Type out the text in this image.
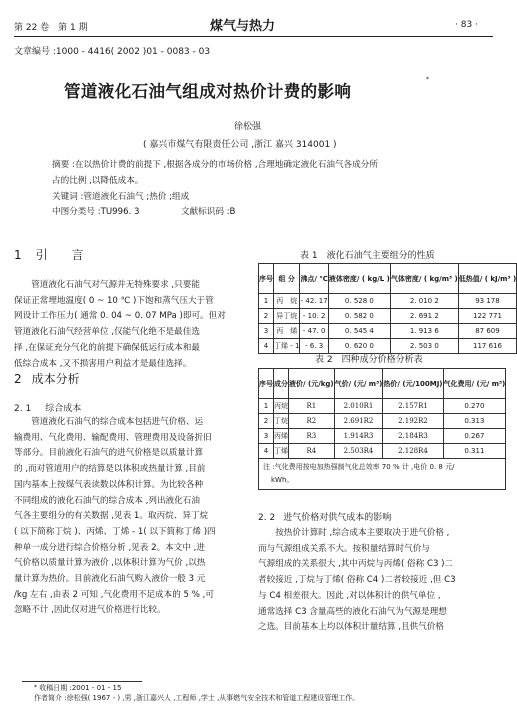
第 22 卷　第 1 期	煤气与热力	· 83 ·
文章编号 :1000 - 4416( 2002 )01 - 0083 - 03
管道液化石油气组成对热价计费的影响
*
徐松强
( 嘉兴市煤气有限责任公司 ,浙江 嘉兴 314001 )
摘要 :在以热价计费的前提下 ,根据各成分的市场价格 ,合理地确定液化石油气各成分所
占的比例 ,以降低成本。
关键词 :管道液化石油气 ;热价 ;组成
中图分类号 :TU996. 3	文献标识码 :B
1 引　　言
管道液化石油气对气源并无特殊要求 ,只要能
保证正常埋地温度( 0 ~ 10 ℃ )下饱和蒸气压大于管
网设计工作压力( 通常 0. 04 ~ 0. 07 MPa )即可。但对
管道液化石油气经营单位 ,仅能气化绝不是最佳选
择 ,在保证充分气化的前提下确保低运行成本和最
低综合成本 ,又不损害用户利益才是最佳选择。
2 成本分析
2. 1 综合成本
管道液化石油气的综合成本包括进气价格、运
输费用、气化费用、输配费用、管理费用及设备折旧
等部分。目前液化石油气的进气价格是以质量计算
的 ,而对管道用户的结算是以体积或热量计算 ,目前
国内基本上按煤气表读数以体积计算。为比较各种
不同组成的液化石油气的综合成本 ,列出液化石油
气各主要组分的有关数据 ,见表 1。取丙烷、异丁烷
( 以下简称丁烷 )、丙烯、丁烯 - 1( 以下简称丁烯 )四
种单一成分进行综合价格分析 ,见表 2。本文中 ,进
气价格以质量计算为液价 ,以体积计算为气价 ,以热
量计算为热价。目前液化石油气购入液价一般 3 元
/kg 左右 ,由表 2 可知 ,气化费用不足成本的 5 % ,可
忽略不计 ,因此仅对进气价格进行比较。
表 1　液化石油气主要组分的性质
序号	组 分	沸点/ ℃	液体密度/ ( kg/L )	气体密度/ ( kg/m³ )	低热值/ ( kJ/m³ )
1	丙　烷	- 42. 17	0. 528 0	2. 010 2	93 178
2	异丁烷	- 10. 2	0. 582 0	2. 691 2	122 771
3	丙　烯	- 47. 0	0. 545 4	1. 913 6	87 609
4	丁烯 - 1	- 6. 3	0. 620 0	2. 503 0	117 616
表 2　四种成分价格分析表
序号	成分	液价/ (元/kg)	气价/ (元/ m³)	热价/ (元/100MJ)	气化费用/ (元/ m³)
1	丙烷	R1	2.010R1	2.157R1	0.270
2	丁烷	R2	2.691R2	2.192R2	0.313
3	丙烯	R3	1.914R3	2.184R3	0.267
4	丁烯	R4	2.503R4	2.128R4	0.311

注 :气化费用按电加热强制气化总效率 70 % 计 ,电价 0. 8 元/
kWh。					
2. 2 进气价格对供气成本的影响
按热价计算时 ,综合成本主要取决于进气价格 ,
而与气源组成关系不大。按积量结算时气价与
气源组成的关系很大 ,其中丙烷与丙烯( 俗称 C3 )二
者较接近 ,丁烷与丁烯( 俗称 C4 )二者较接近 ,但 C3
与 C4 相差很大。因此 ,对以体积计的供气单位 ,
通常选择 C3 含量高些的液化石油气为气源是理想
之选。目前基本上均以体积计量结算 ,且供气价格
* 收稿日期 :2001 - 01 - 15
作者简介 :徐松强( 1967 - ) ,男 ,浙江嘉兴人 ,工程师 ,学士 ,从事燃气安全技术和管道工程建设管理工作。
